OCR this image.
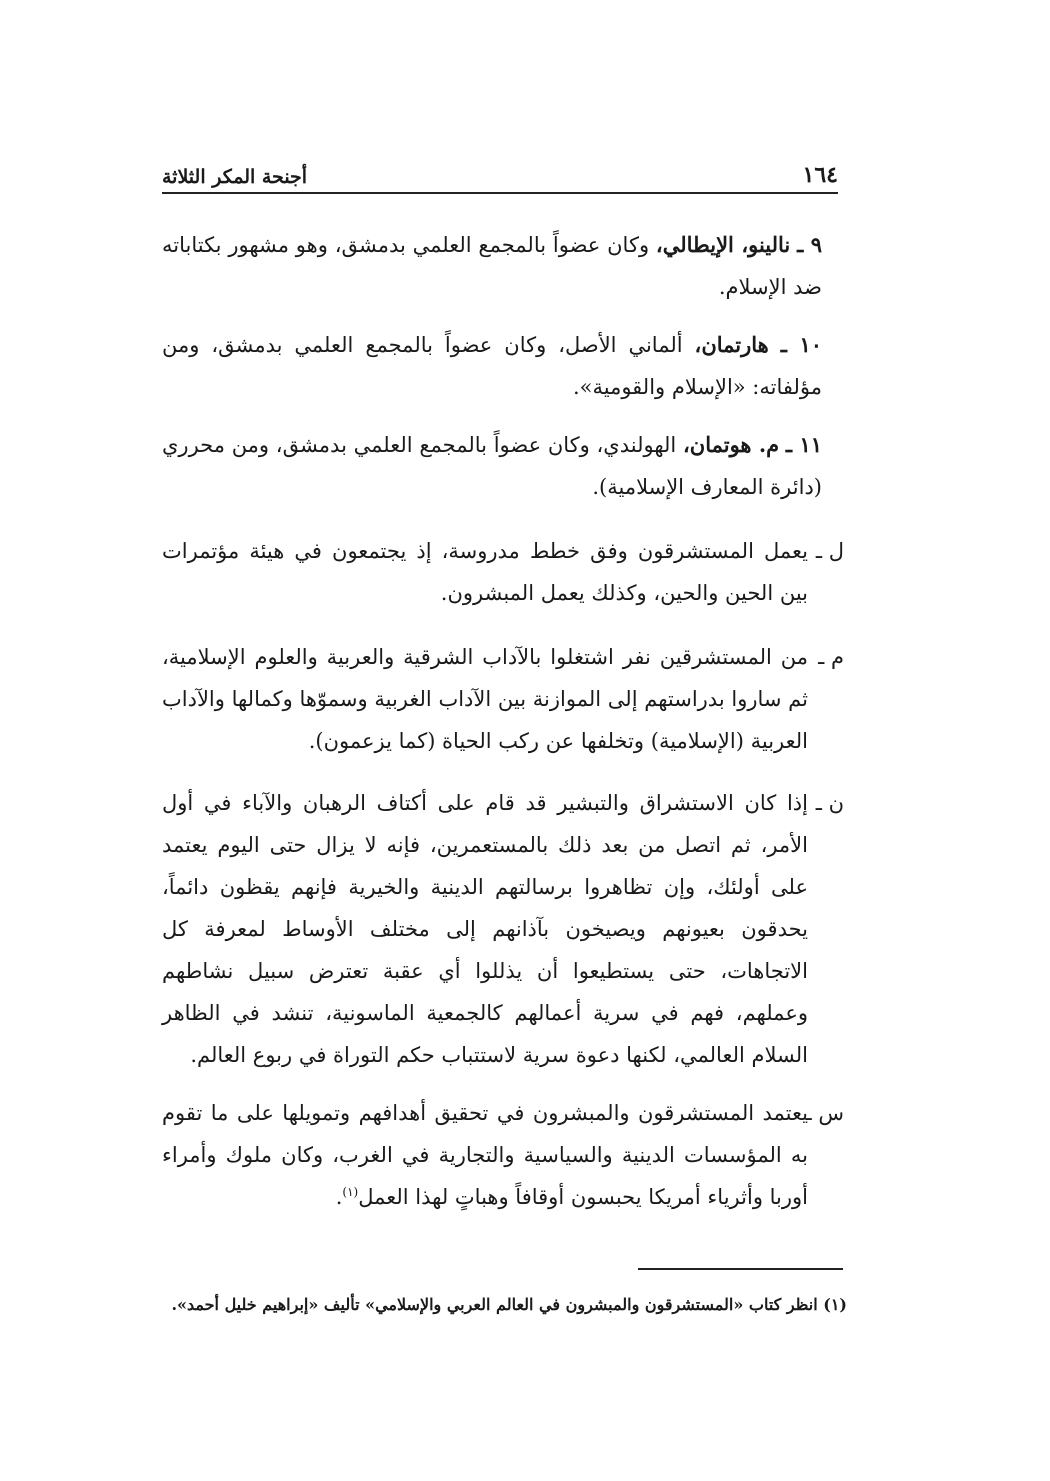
١٦٤
أجنحة المكر الثلاثة
٩ ـ نالينو، الإيطالي، وكان عضواً بالمجمع العلمي بدمشق، وهو مشهور بكتاباته ضد الإسلام.
١٠ ـ هارتمان، ألماني الأصل، وكان عضواً بالمجمع العلمي بدمشق، ومن مؤلفاته: «الإسلام والقومية».
١١ ـ م. هوتمان، الهولندي، وكان عضواً بالمجمع العلمي بدمشق، ومن محرري (دائرة المعارف الإسلامية).
ل ـ
يعمل المستشرقون وفق خطط مدروسة، إذ يجتمعون في هيئة مؤتمرات بين الحين والحين، وكذلك يعمل المبشرون.
م ـ
من المستشرقين نفر اشتغلوا بالآداب الشرقية والعربية والعلوم الإسلامية، ثم ساروا بدراستهم إلى الموازنة بين الآداب الغربية وسموّها وكمالها والآداب العربية (الإسلامية) وتخلفها عن ركب الحياة (كما يزعمون).
ن ـ
إذا كان الاستشراق والتبشير قد قام على أكتاف الرهبان والآباء في أول الأمر، ثم اتصل من بعد ذلك بالمستعمرين، فإنه لا يزال حتى اليوم يعتمد على أولئك، وإن تظاهروا برسالتهم الدينية والخيرية فإنهم يقظون دائماً، يحدقون بعيونهم ويصيخون بآذانهم إلى مختلف الأوساط لمعرفة كل الاتجاهات، حتى يستطيعوا أن يذللوا أي عقبة تعترض سبيل نشاطهم وعملهم، فهم في سرية أعمالهم كالجمعية الماسونية، تنشد في الظاهر السلام العالمي، لكنها دعوة سرية لاستتباب حكم التوراة في ربوع العالم.
س ـ
يعتمد المستشرقون والمبشرون في تحقيق أهدافهم وتمويلها على ما تقوم به المؤسسات الدينية والسياسية والتجارية في الغرب، وكان ملوك وأمراء أوربا وأثرياء أمريكا يحبسون أوقافاً وهباتٍ لهذا العمل$^{(١)}$.
(١) انظر كتاب «المستشرقون والمبشرون في العالم العربي والإسلامي» تأليف «إبراهيم خليل أحمد».
